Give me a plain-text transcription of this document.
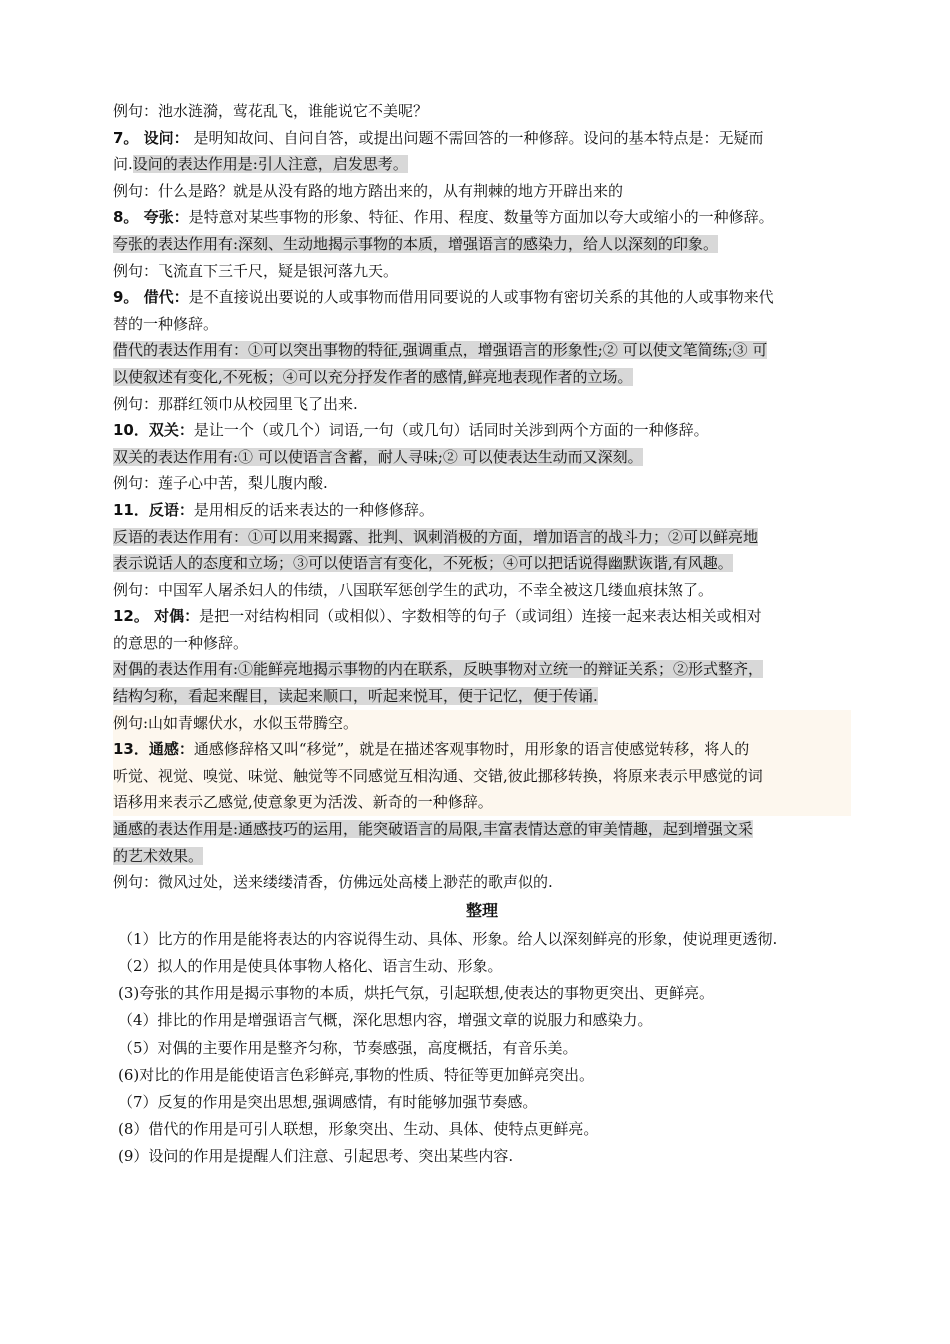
例句：池水涟漪，莺花乱飞，谁能说它不美呢？
7。 设问： 是明知故问、自问自答，或提出问题不需回答的一种修辞。设问的基本特点是：无疑而
问.设问的表达作用是:引人注意，启发思考。
例句：什么是路？就是从没有路的地方踏出来的，从有荆棘的地方开辟出来的
8。 夸张：是特意对某些事物的形象、特征、作用、程度、数量等方面加以夸大或缩小的一种修辞。
夸张的表达作用有:深刻、生动地揭示事物的本质，增强语言的感染力，给人以深刻的印象。
例句：飞流直下三千尺，疑是银河落九天。
9。 借代：是不直接说出要说的人或事物而借用同要说的人或事物有密切关系的其他的人或事物来代
替的一种修辞。
借代的表达作用有：①可以突出事物的特征,强调重点，增强语言的形象性;② 可以使文笔简练;③ 可
以使叙述有变化,不死板；④可以充分抒发作者的感情,鲜亮地表现作者的立场。
例句：那群红领巾从校园里飞了出来.
10．双关：是让一个（或几个）词语,一句（或几句）话同时关涉到两个方面的一种修辞。
双关的表达作用有:① 可以使语言含蓄，耐人寻味;② 可以使表达生动而又深刻。
例句：莲子心中苦，梨儿腹内酸.
11．反语：是用相反的话来表达的一种修修辞。
反语的表达作用有：①可以用来揭露、批判、讽刺消极的方面，增加语言的战斗力；②可以鲜亮地
表示说话人的态度和立场；③可以使语言有变化，不死板；④可以把话说得幽默诙谐,有风趣。
例句：中国军人屠杀妇人的伟绩，八国联军惩创学生的武功，不幸全被这几缕血痕抹煞了。
12。 对偶：是把一对结构相同（或相似）、字数相等的句子（或词组）连接一起来表达相关或相对
的意思的一种修辞。
对偶的表达作用有:①能鲜亮地揭示事物的内在联系，反映事物对立统一的辩证关系；②形式整齐，
结构匀称，看起来醒目，读起来顺口，听起来悦耳，便于记忆，便于传诵.
例句:山如青螺伏水，水似玉带腾空。
13．通感：通感修辞格又叫“移觉”，就是在描述客观事物时，用形象的语言使感觉转移，将人的
听觉、视觉、嗅觉、味觉、触觉等不同感觉互相沟通、交错,彼此挪移转换，将原来表示甲感觉的词
语移用来表示乙感觉,使意象更为活泼、新奇的一种修辞。
通感的表达作用是:通感技巧的运用，能突破语言的局限,丰富表情达意的审美情趣，起到增强文采
的艺术效果。
例句：微风过处，送来缕缕清香，仿佛远处高楼上渺茫的歌声似的.
整理
（1）比方的作用是能将表达的内容说得生动、具体、形象。给人以深刻鲜亮的形象，使说理更透彻.
（2）拟人的作用是使具体事物人格化、语言生动、形象。
(3)夸张的其作用是揭示事物的本质，烘托气氛，引起联想,使表达的事物更突出、更鲜亮。
（4）排比的作用是增强语言气概，深化思想内容，增强文章的说服力和感染力。
（5）对偶的主要作用是整齐匀称，节奏感强，高度概括，有音乐美。
(6)对比的作用是能使语言色彩鲜亮,事物的性质、特征等更加鲜亮突出。
（7）反复的作用是突出思想,强调感情，有时能够加强节奏感。
(8）借代的作用是可引人联想，形象突出、生动、具体、使特点更鲜亮。
(9）设问的作用是提醒人们注意、引起思考、突出某些内容.
